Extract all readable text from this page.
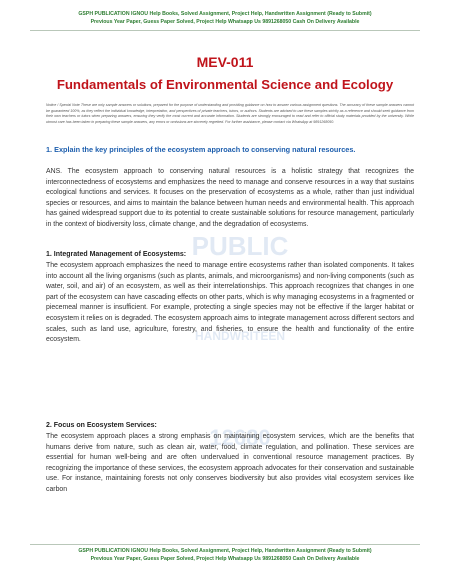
GSPH PUBLICATION IGNOU Help Books, Solved Assignment, Project Help, Handwritten Assignment (Ready to Submit)
Previous Year Paper, Guess Paper Solved, Project Help Whatsapp Us 9891268050 Cash On Delivery Available
PUBLIC
HANDWRITEEN
12680
MEV-011
Fundamentals of Environmental Science and Ecology
Notice / Special Note These are only sample answers or solutions, prepared for the purpose of understanding and providing guidance on how to answer various assignment questions. The accuracy of these sample answers cannot be guaranteed 100%, as they reflect the individual knowledge, interpretation, and perspectives of private teachers, tutors, or authors. Students are advised to use these samples strictly as a reference and should seek guidance from their own teachers or tutors when preparing answers, ensuring they verify the most current and accurate information. Students are strongly encouraged to read and refer to official study materials provided by the university. While utmost care has been taken in preparing these sample answers, any errors or omissions are sincerely regretted. For further assistance, please contact via WhatsApp at 9891268050.
1. Explain the key principles of the ecosystem approach to conserving natural resources.

ANS. The ecosystem approach to conserving natural resources is a holistic strategy that recognizes the interconnectedness of ecosystems and emphasizes the need to manage and conserve resources in a way that sustains ecological functions and services. It focuses on the preservation of ecosystems as a whole, rather than just individual species or resources, and aims to maintain the balance between human needs and environmental health. This approach has gained widespread support due to its potential to create sustainable solutions for resource management, particularly in the context of biodiversity loss, climate change, and the degradation of ecosystems.

1. Integrated Management of Ecosystems:

The ecosystem approach emphasizes the need to manage entire ecosystems rather than isolated components. It takes into account all the living organisms (such as plants, animals, and microorganisms) and non-living components (such as water, soil, and air) of an ecosystem, as well as their interrelationships. This approach recognizes that changes in one part of the ecosystem can have cascading effects on other parts, which is why managing ecosystems in a fragmented or piecemeal manner is insufficient. For example, protecting a single species may not be effective if the larger habitat or ecosystem it relies on is degraded. The ecosystem approach aims to integrate management across different sectors and scales, such as land use, agriculture, forestry, and fisheries, to ensure the health and functionality of the entire ecosystem.

2. Focus on Ecosystem Services:

The ecosystem approach places a strong emphasis on maintaining ecosystem services, which are the benefits that humans derive from nature, such as clean air, water, food, climate regulation, and pollination. These services are essential for human well-being and are often undervalued in conventional resource management practices. By recognizing the importance of these services, the ecosystem approach advocates for their conservation and sustainable use. For instance, maintaining forests not only conserves biodiversity but also provides vital ecosystem services like carbon

GSPH PUBLICATION IGNOU Help Books, Solved Assignment, Project Help, Handwritten Assignment (Ready to Submit)
Previous Year Paper, Guess Paper Solved, Project Help Whatsapp Us 9891268050 Cash On Delivery Available
